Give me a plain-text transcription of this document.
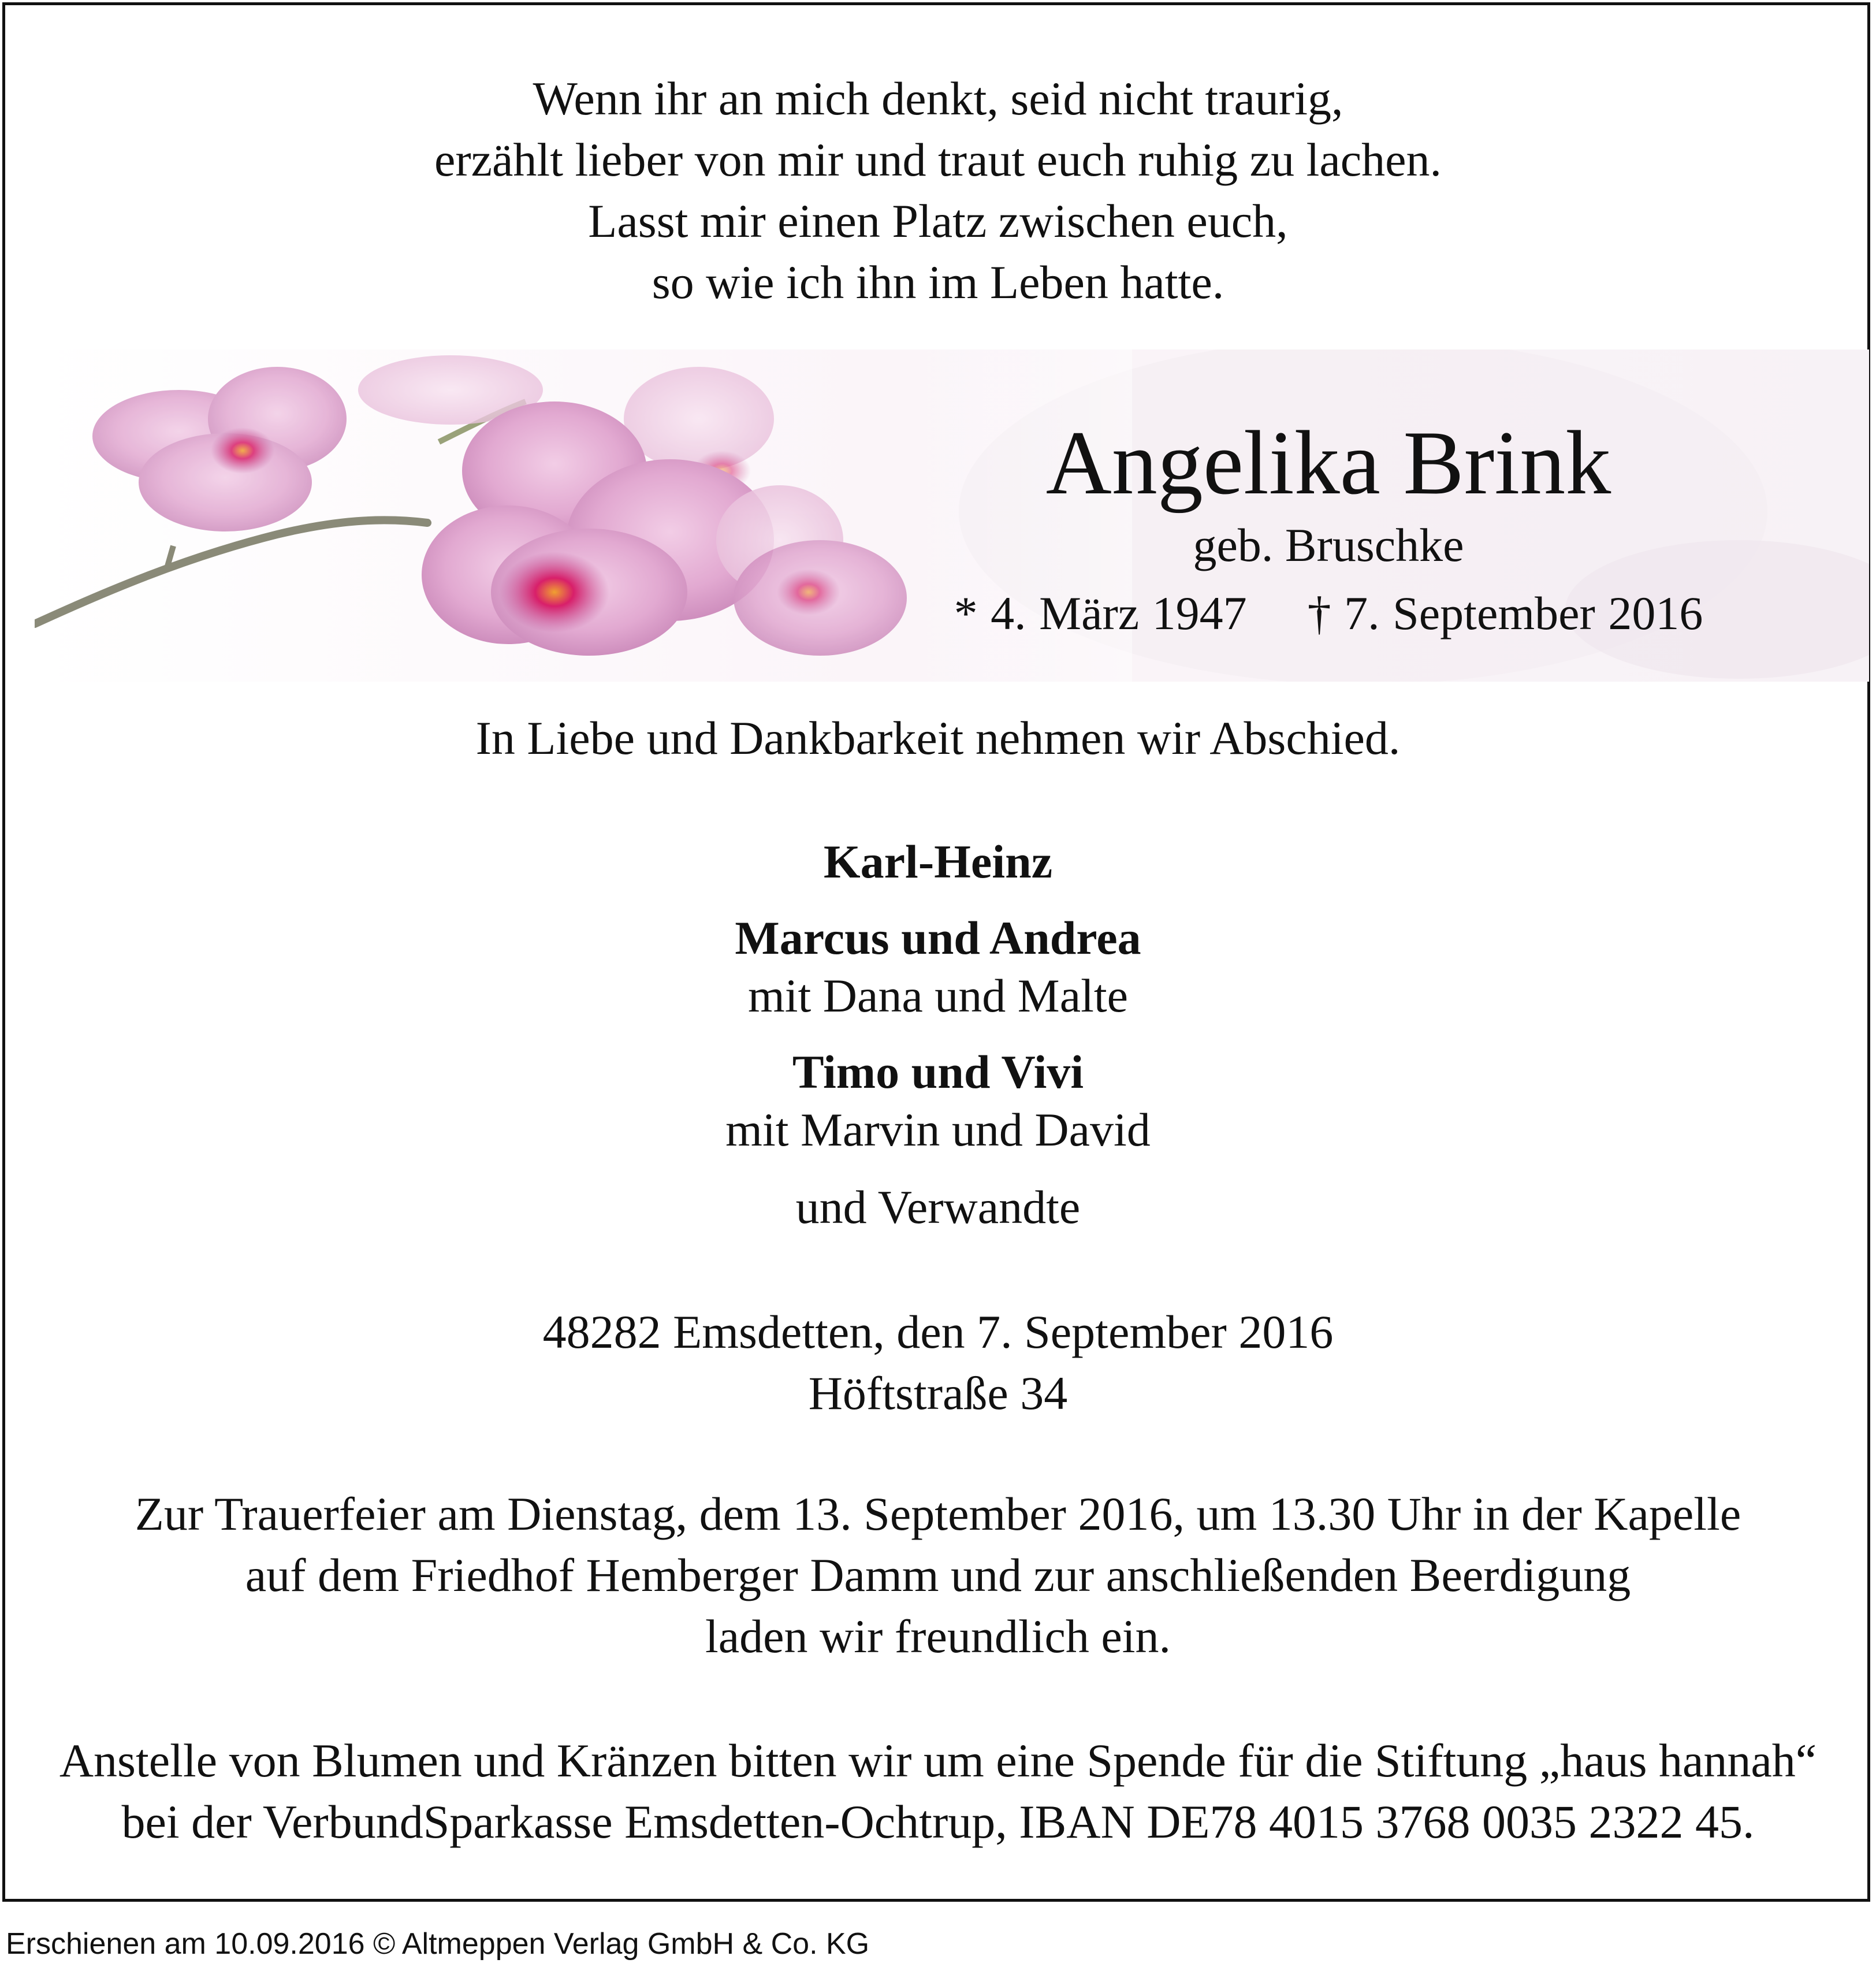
Wenn ihr an mich denkt, seid nicht traurig,
erzählt lieber von mir und traut euch ruhig zu lachen.
Lasst mir einen Platz zwischen euch,
so wie ich ihn im Leben hatte.
Angelika Brink
geb. Bruschke
* 4. März 1947 † 7. September 2016
In Liebe und Dankbarkeit nehmen wir Abschied.
Karl-Heinz
Marcus und Andrea
mit Dana und Malte
Timo und Vivi
mit Marvin und David
und Verwandte
48282 Emsdetten, den 7. September 2016
Höftstraße 34
Zur Trauerfeier am Dienstag, dem 13. September 2016, um 13.30 Uhr in der Kapelle
auf dem Friedhof Hemberger Damm und zur anschließenden Beerdigung
laden wir freundlich ein.
Anstelle von Blumen und Kränzen bitten wir um eine Spende für die Stiftung „haus hannah“
bei der VerbundSparkasse Emsdetten-Ochtrup, IBAN DE78 4015 3768 0035 2322 45.
Erschienen am 10.09.2016 © Altmeppen Verlag GmbH & Co. KG
